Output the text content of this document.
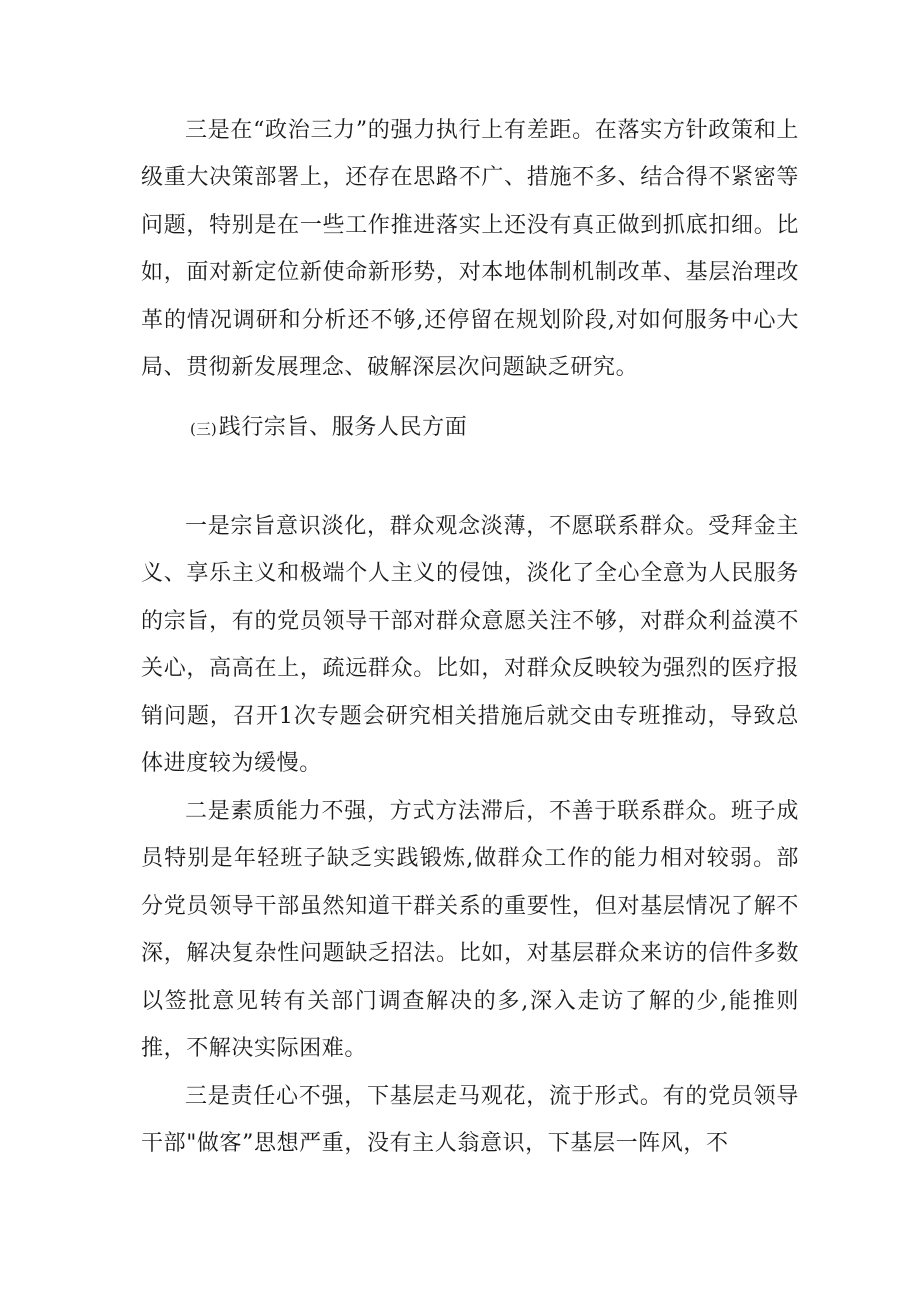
三是在“政治三力”的强力执行上有差距。在落实方针政策和上级重大决策部署上，还存在思路不广、措施不多、结合得不紧密等问题，特别是在一些工作推进落实上还没有真正做到抓底扣细。比如，面对新定位新使命新形势，对本地体制机制改革、基层治理改革的情况调研和分析还不够,还停留在规划阶段,对如何服务中心大局、贯彻新发展理念、破解深层次问题缺乏研究。

(三)践行宗旨、服务人民方面

一是宗旨意识淡化，群众观念淡薄，不愿联系群众。受拜金主义、享乐主义和极端个人主义的侵蚀，淡化了全心全意为人民服务的宗旨，有的党员领导干部对群众意愿关注不够，对群众利益漠不关心，高高在上，疏远群众。比如，对群众反映较为强烈的医疗报销问题，召开1次专题会研究相关措施后就交由专班推动，导致总体进度较为缓慢。

二是素质能力不强，方式方法滞后，不善于联系群众。班子成员特别是年轻班子缺乏实践锻炼,做群众工作的能力相对较弱。部分党员领导干部虽然知道干群关系的重要性，但对基层情况了解不深，解决复杂性问题缺乏招法。比如，对基层群众来访的信件多数以签批意见转有关部门调查解决的多,深入走访了解的少,能推则推，不解决实际困难。

三是责任心不强，下基层走马观花，流于形式。有的党员领导干部"做客”思想严重，没有主人翁意识，下基层一阵风，不
